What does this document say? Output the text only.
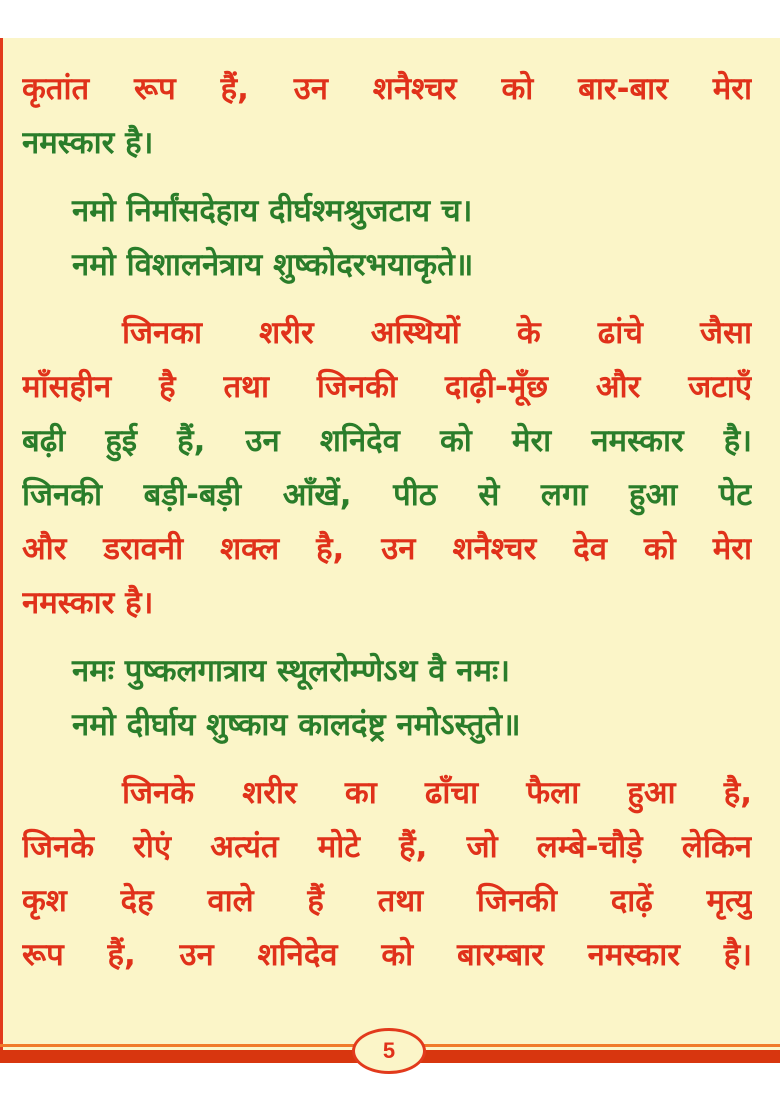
कृतांत रूप हैं, उन शनैश्चर को बार-बार मेरा
नमस्कार है।
नमो निर्मांसदेहाय दीर्घश्मश्रुजटाय च।
नमो विशालनेत्राय शुष्कोदरभयाकृते॥
जिनका शरीर अस्थियों के ढांचे जैसा
माँसहीन है तथा जिनकी दाढ़ी-मूँछ और जटाएँ
बढ़ी हुई हैं, उन शनिदेव को मेरा नमस्कार है।
जिनकी बड़ी-बड़ी आँखें, पीठ से लगा हुआ पेट
और डरावनी शक्ल है, उन शनैश्चर देव को मेरा
नमस्कार है।
नमः पुष्कलगात्राय स्थूलरोम्णेऽथ वै नमः।
नमो दीर्घाय शुष्काय कालदंष्ट्र नमोऽस्तुते॥
जिनके शरीर का ढाँचा फैला हुआ है,
जिनके रोएं अत्यंत मोटे हैं, जो लम्बे-चौड़े लेकिन
कृश देह वाले हैं तथा जिनकी दाढ़ें मृत्यु
रूप हैं, उन शनिदेव को बारम्बार नमस्कार है।
5
